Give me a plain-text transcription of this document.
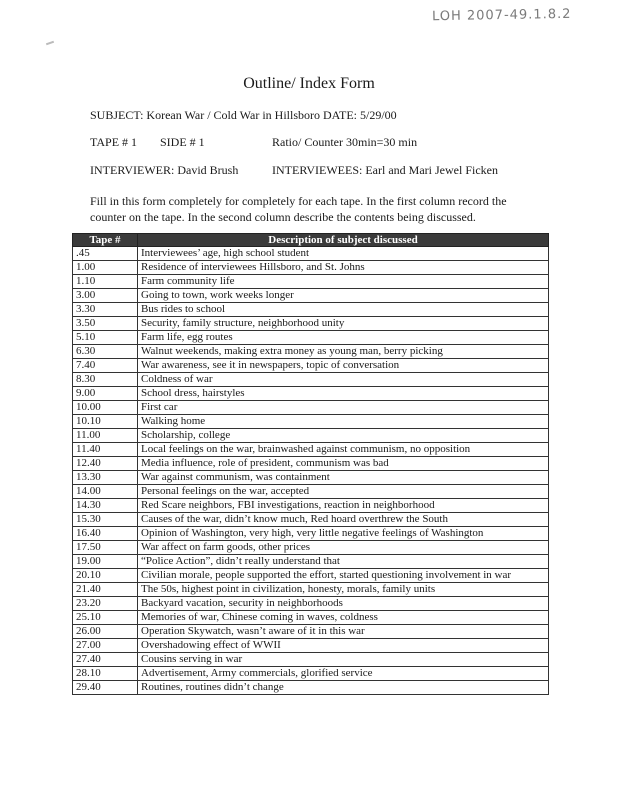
LOH 2007-49.1.8.2
Outline/ Index Form
SUBJECT: Korean War / Cold War in Hillsboro DATE: 5/29/00
TAPE # 1 SIDE # 1	Ratio/ Counter 30min=30 min
INTERVIEWER: David Brush	INTERVIEWEES: Earl and Mari Jewel Ficken
Fill in this form completely for completely for each tape. In the first column record the counter on the tape. In the second column describe the contents being discussed.
Tape #	Description of subject discussed
.45	Interviewees’ age, high school student
1.00	Residence of interviewees Hillsboro, and St. Johns
1.10	Farm community life
3.00	Going to town, work weeks longer
3.30	Bus rides to school
3.50	Security, family structure, neighborhood unity
5.10	Farm life, egg routes
6.30	Walnut weekends, making extra money as young man, berry picking
7.40	War awareness, see it in newspapers, topic of conversation
8.30	Coldness of war
9.00	School dress, hairstyles
10.00	First car
10.10	Walking home
11.00	Scholarship, college
11.40	Local feelings on the war, brainwashed against communism, no opposition
12.40	Media influence, role of president, communism was bad
13.30	War against communism, was containment
14.00	Personal feelings on the war, accepted
14.30	Red Scare neighbors, FBI investigations, reaction in neighborhood
15.30	Causes of the war, didn’t know much, Red hoard overthrew the South
16.40	Opinion of Washington, very high, very little negative feelings of Washington
17.50	War affect on farm goods, other prices
19.00	“Police Action”, didn’t really understand that
20.10	Civilian morale, people supported the effort, started questioning involvement in war
21.40	The 50s, highest point in civilization, honesty, morals, family units
23.20	Backyard vacation, security in neighborhoods
25.10	Memories of war, Chinese coming in waves, coldness
26.00	Operation Skywatch, wasn’t aware of it in this war
27.00	Overshadowing effect of WWII
27.40	Cousins serving in war
28.10	Advertisement, Army commercials, glorified service
29.40	Routines, routines didn’t change
